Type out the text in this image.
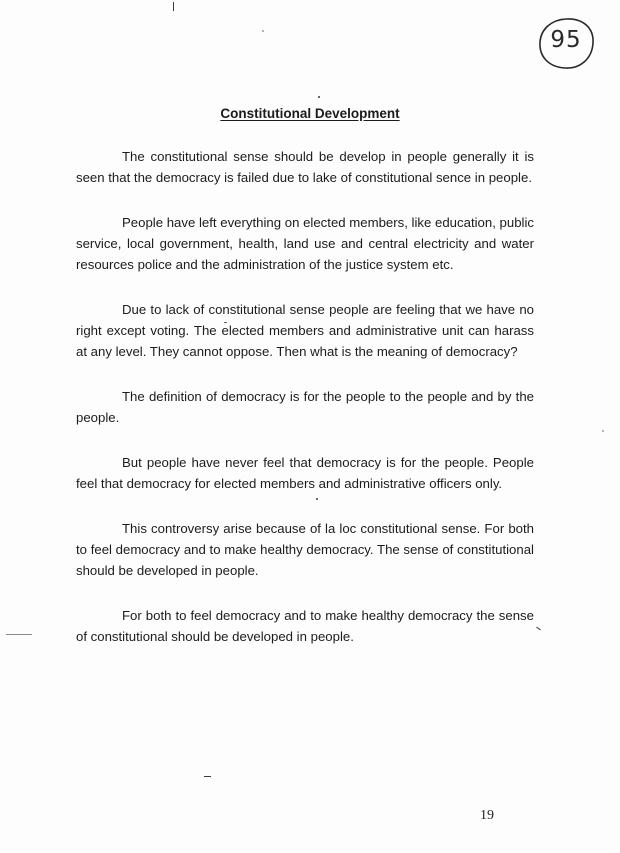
95
Constitutional Development

The constitutional sense should be develop in people generally it is seen that the democracy is failed due to lake of constitutional sence in people.

People have left everything on elected members, like education, public service, local government, health, land use and central electricity and water resources police and the administration of the justice system etc.

Due to lack of constitutional sense people are feeling that we have no right except voting. The elected members and administrative unit can harass at any level. They cannot oppose. Then what is the meaning of democracy?

The definition of democracy is for the people to the people and by the people.

But people have never feel that democracy is for the people. People feel that democracy for elected members and administrative officers only.

This controversy arise because of la loc constitutional sense. For both to feel democracy and to make healthy democracy. The sense of constitutional should be developed in people.

For both to feel democracy and to make healthy democracy the sense of constitutional should be developed in people.

19
